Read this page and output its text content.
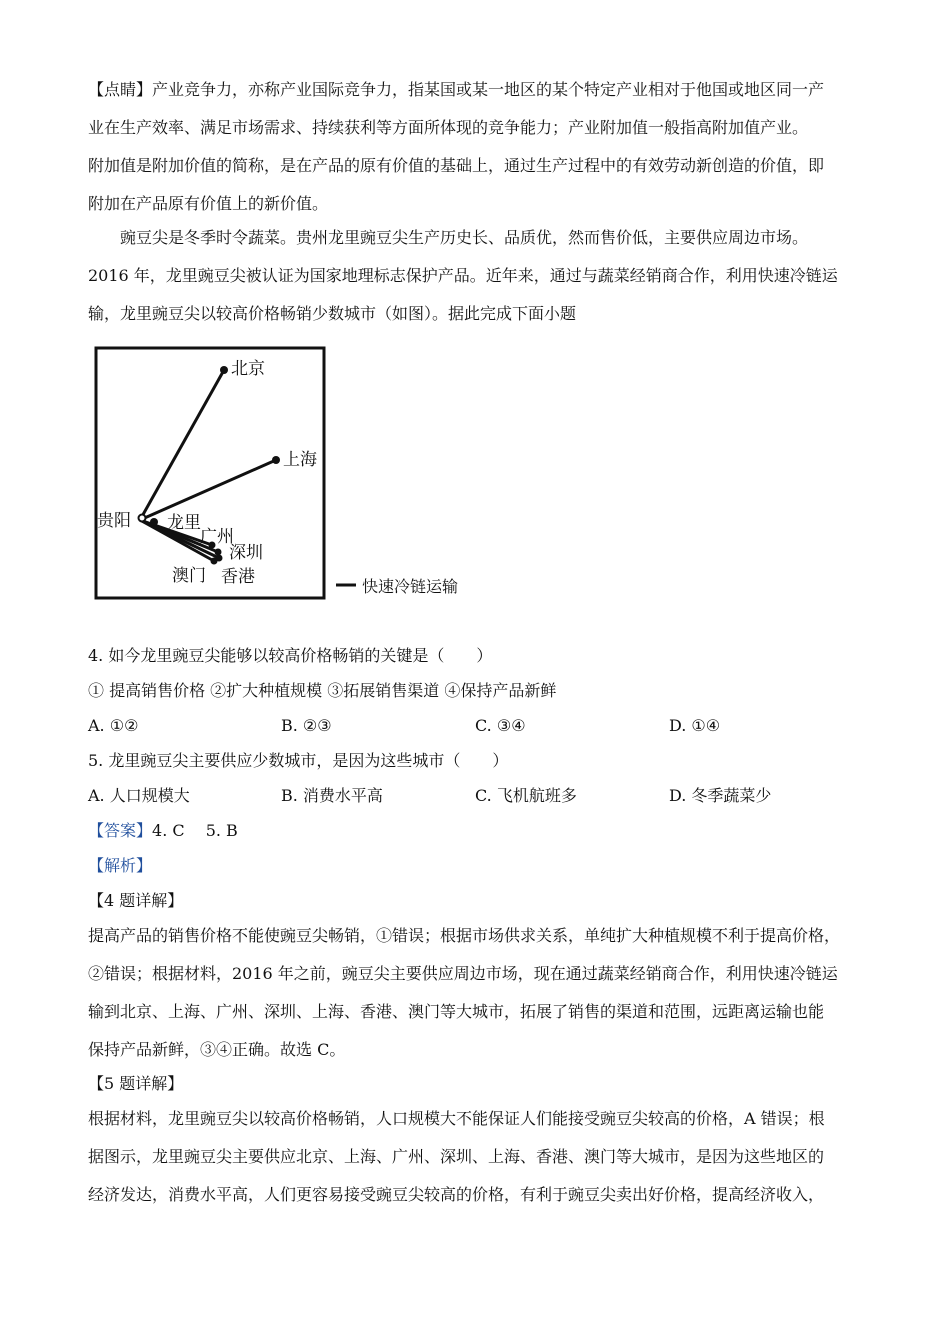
【点睛】产业竞争力，亦称产业国际竞争力，指某国或某一地区的某个特定产业相对于他国或地区同一产
业在生产效率、满足市场需求、持续获利等方面所体现的竞争能力；产业附加值一般指高附加值产业。
附加值是附加价值的简称，是在产品的原有价值的基础上，通过生产过程中的有效劳动新创造的价值，即
附加在产品原有价值上的新价值。
豌豆尖是冬季时令蔬菜。贵州龙里豌豆尖生产历史长、品质优，然而售价低，主要供应周边市场。
2016 年，龙里豌豆尖被认证为国家地理标志保护产品。近年来，通过与蔬菜经销商合作，利用快速冷链运
输，龙里豌豆尖以较高价格畅销少数城市（如图）。据此完成下面小题
北京
上海
贵阳 龙里
广州
深圳
澳门 香港	快速冷链运输
4. 如今龙里豌豆尖能够以较高价格畅销的关键是（　　）
① 提高销售价格 ②扩大种植规模 ③拓展销售渠道 ④保持产品新鲜
A. ①②	B. ②③	C. ③④	D. ①④
5. 龙里豌豆尖主要供应少数城市，是因为这些城市（　　）
A. 人口规模大	B. 消费水平高	C. 飞机航班多	D. 冬季蔬菜少
【答案】4. C　 5. B
【解析】
【4 题详解】
提高产品的销售价格不能使豌豆尖畅销，①错误；根据市场供求关系，单纯扩大种植规模不利于提高价格，
②错误；根据材料，2016 年之前，豌豆尖主要供应周边市场，现在通过蔬菜经销商合作，利用快速冷链运
输到北京、上海、广州、深圳、上海、香港、澳门等大城市，拓展了销售的渠道和范围，远距离运输也能
保持产品新鲜，③④正确。故选 C。
【5 题详解】
根据材料，龙里豌豆尖以较高价格畅销，人口规模大不能保证人们能接受豌豆尖较高的价格，A 错误；根
据图示，龙里豌豆尖主要供应北京、上海、广州、深圳、上海、香港、澳门等大城市，是因为这些地区的
经济发达，消费水平高，人们更容易接受豌豆尖较高的价格，有利于豌豆尖卖出好价格，提高经济收入，
